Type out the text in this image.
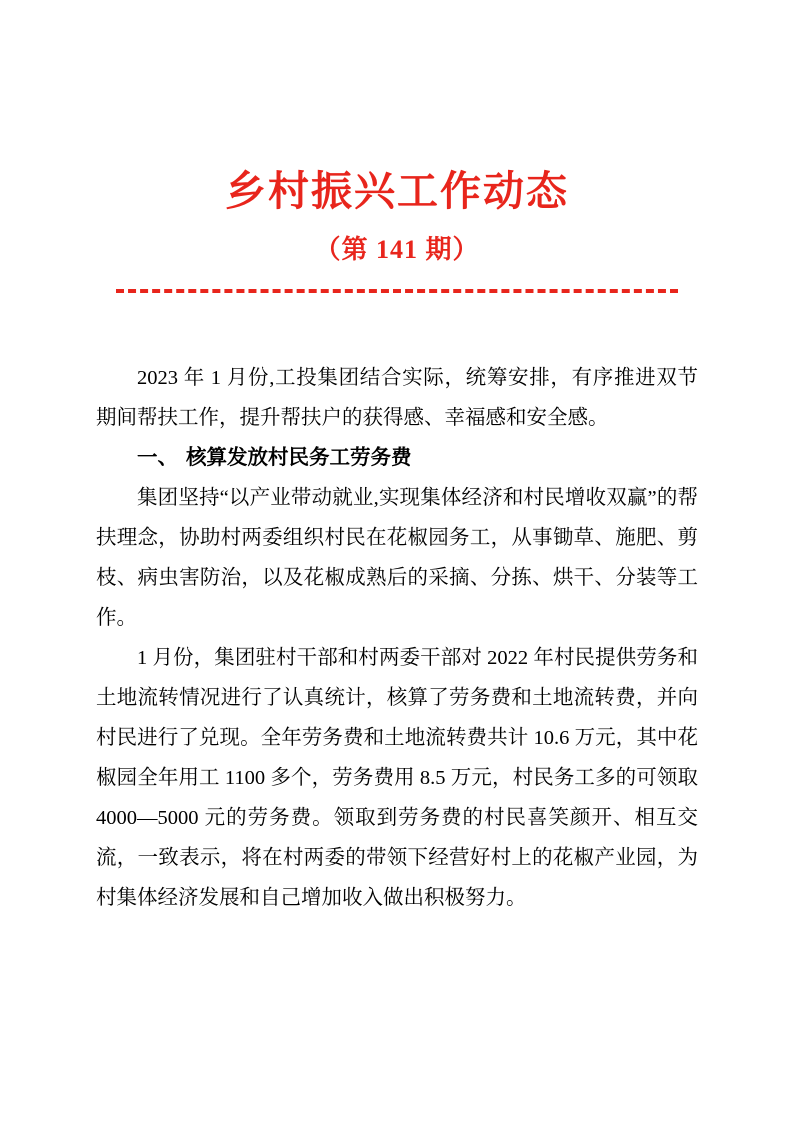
乡村振兴工作动态
（第 141 期）

2023 年 1 月份,工投集团结合实际，统筹安排，有序推进双节期间帮扶工作，提升帮扶户的获得感、幸福感和安全感。

一、 核算发放村民务工劳务费

集团坚持“以产业带动就业,实现集体经济和村民增收双赢”的帮扶理念，协助村两委组织村民在花椒园务工，从事锄草、施肥、剪枝、病虫害防治，以及花椒成熟后的采摘、分拣、烘干、分装等工作。

1 月份，集团驻村干部和村两委干部对 2022 年村民提供劳务和土地流转情况进行了认真统计，核算了劳务费和土地流转费，并向村民进行了兑现。全年劳务费和土地流转费共计 10.6 万元，其中花椒园全年用工 1100 多个，劳务费用 8.5 万元，村民务工多的可领取 4000—5000 元的劳务费。领取到劳务费的村民喜笑颜开、相互交流，一致表示，将在村两委的带领下经营好村上的花椒产业园，为村集体经济发展和自己增加收入做出积极努力。
